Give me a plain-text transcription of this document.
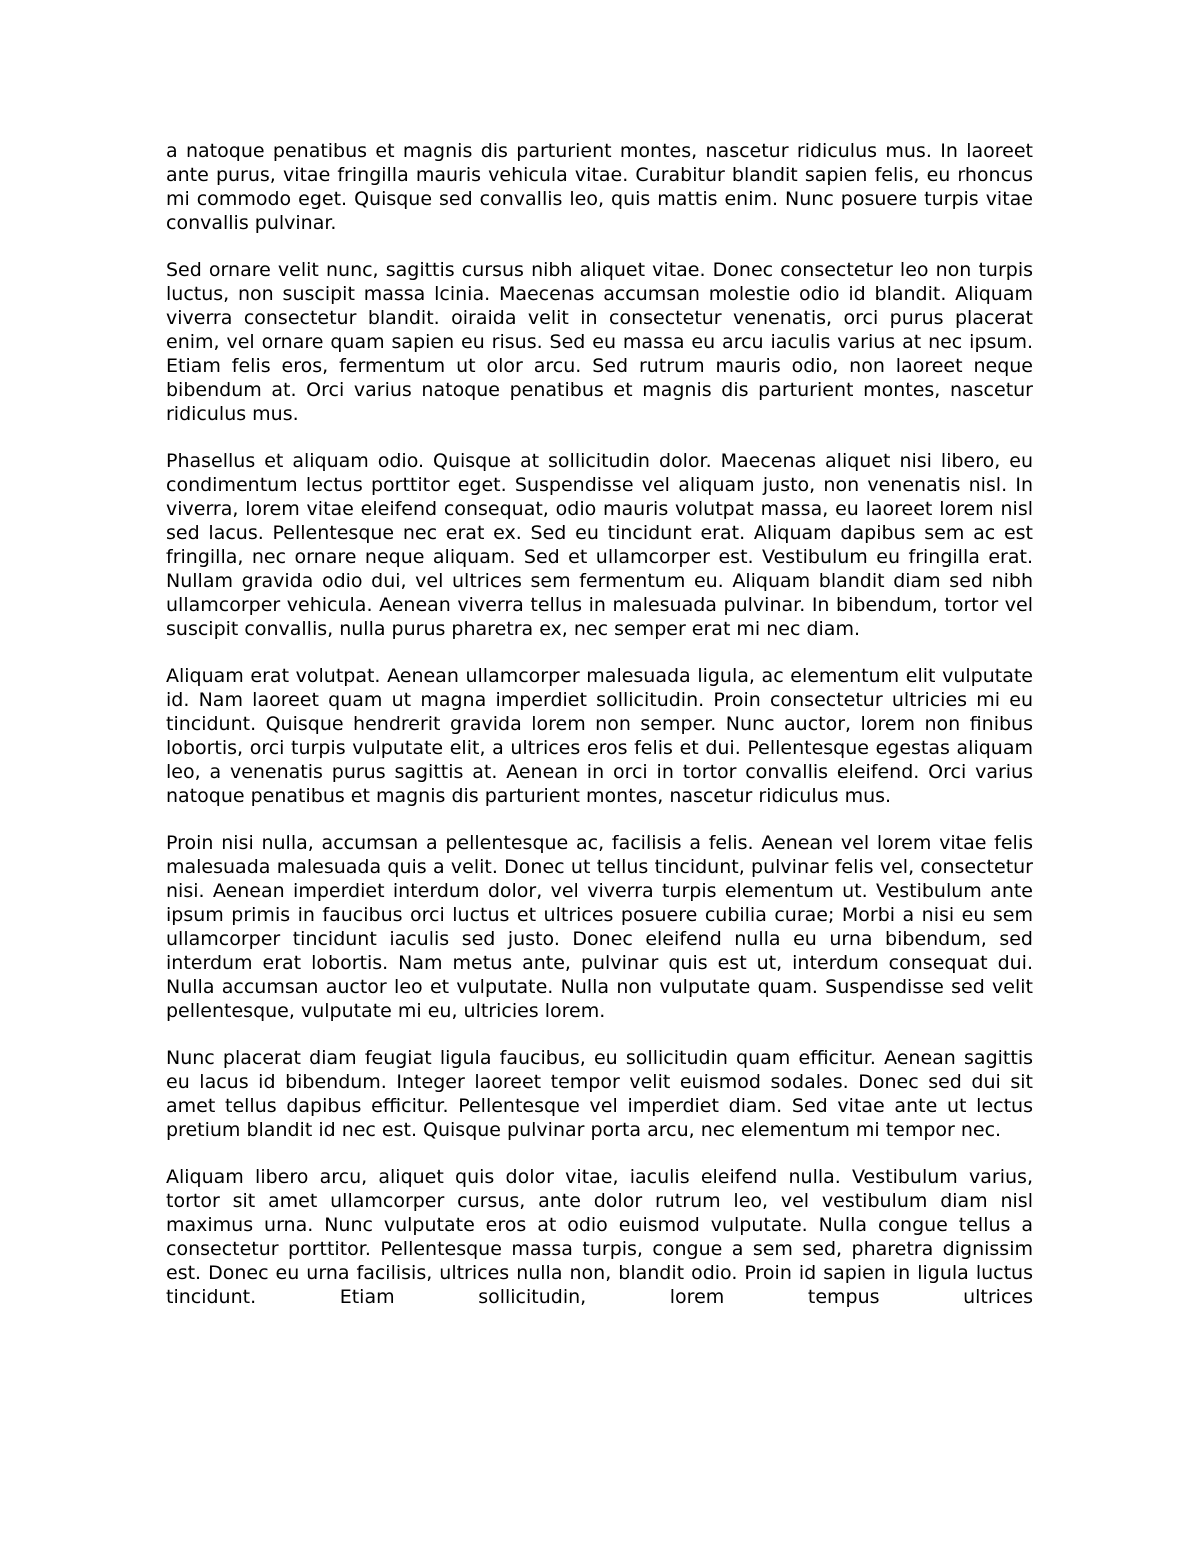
a natoque penatibus et magnis dis parturient montes, nascetur ridiculus mus. In laoreet ante purus, vitae fringilla mauris vehicula vitae. Curabitur blandit sapien felis, eu rhoncus mi commodo eget. Quisque sed convallis leo, quis mattis enim. Nunc posuere turpis vitae convallis pulvinar.

Sed ornare velit nunc, sagittis cursus nibh aliquet vitae. Donec consectetur leo non turpis luctus, non suscipit massa lcinia. Maecenas accumsan molestie odio id blandit. Aliquam viverra consectetur blandit. oiraida velit in consectetur venenatis, orci purus placerat enim, vel ornare quam sapien eu risus. Sed eu massa eu arcu iaculis varius at nec ipsum. Etiam felis eros, fermentum ut olor arcu. Sed rutrum mauris odio, non laoreet neque bibendum at. Orci varius natoque penatibus et magnis dis parturient montes, nascetur ridiculus mus.

Phasellus et aliquam odio. Quisque at sollicitudin dolor. Maecenas aliquet nisi libero, eu condimentum lectus porttitor eget. Suspendisse vel aliquam justo, non venenatis nisl. In viverra, lorem vitae eleifend consequat, odio mauris volutpat massa, eu laoreet lorem nisl sed lacus. Pellentesque nec erat ex. Sed eu tincidunt erat. Aliquam dapibus sem ac est fringilla, nec ornare neque aliquam. Sed et ullamcorper est. Vestibulum eu fringilla erat. Nullam gravida odio dui, vel ultrices sem fermentum eu. Aliquam blandit diam sed nibh ullamcorper vehicula. Aenean viverra tellus in malesuada pulvinar. In bibendum, tortor vel suscipit convallis, nulla purus pharetra ex, nec semper erat mi nec diam.

Aliquam erat volutpat. Aenean ullamcorper malesuada ligula, ac elementum elit vulputate id. Nam laoreet quam ut magna imperdiet sollicitudin. Proin consectetur ultricies mi eu tincidunt. Quisque hendrerit gravida lorem non semper. Nunc auctor, lorem non finibus lobortis, orci turpis vulputate elit, a ultrices eros felis et dui. Pellentesque egestas aliquam leo, a venenatis purus sagittis at. Aenean in orci in tortor convallis eleifend. Orci varius natoque penatibus et magnis dis parturient montes, nascetur ridiculus mus.

Proin nisi nulla, accumsan a pellentesque ac, facilisis a felis. Aenean vel lorem vitae felis malesuada malesuada quis a velit. Donec ut tellus tincidunt, pulvinar felis vel, consectetur nisi. Aenean imperdiet interdum dolor, vel viverra turpis elementum ut. Vestibulum ante ipsum primis in faucibus orci luctus et ultrices posuere cubilia curae; Morbi a nisi eu sem ullamcorper tincidunt iaculis sed justo. Donec eleifend nulla eu urna bibendum, sed interdum erat lobortis. Nam metus ante, pulvinar quis est ut, interdum consequat dui. Nulla accumsan auctor leo et vulputate. Nulla non vulputate quam. Suspendisse sed velit pellentesque, vulputate mi eu, ultricies lorem.

Nunc placerat diam feugiat ligula faucibus, eu sollicitudin quam efficitur. Aenean sagittis eu lacus id bibendum. Integer laoreet tempor velit euismod sodales. Donec sed dui sit amet tellus dapibus efficitur. Pellentesque vel imperdiet diam. Sed vitae ante ut lectus pretium blandit id nec est. Quisque pulvinar porta arcu, nec elementum mi tempor nec.

Aliquam libero arcu, aliquet quis dolor vitae, iaculis eleifend nulla. Vestibulum varius, tortor sit amet ullamcorper cursus, ante dolor rutrum leo, vel vestibulum diam nisl maximus urna. Nunc vulputate eros at odio euismod vulputate. Nulla congue tellus a consectetur porttitor. Pellentesque massa turpis, congue a sem sed, pharetra dignissim est. Donec eu urna facilisis, ultrices nulla non, blandit odio. Proin id sapien in ligula luctus tincidunt. Etiam sollicitudin, lorem tempus ultrices
